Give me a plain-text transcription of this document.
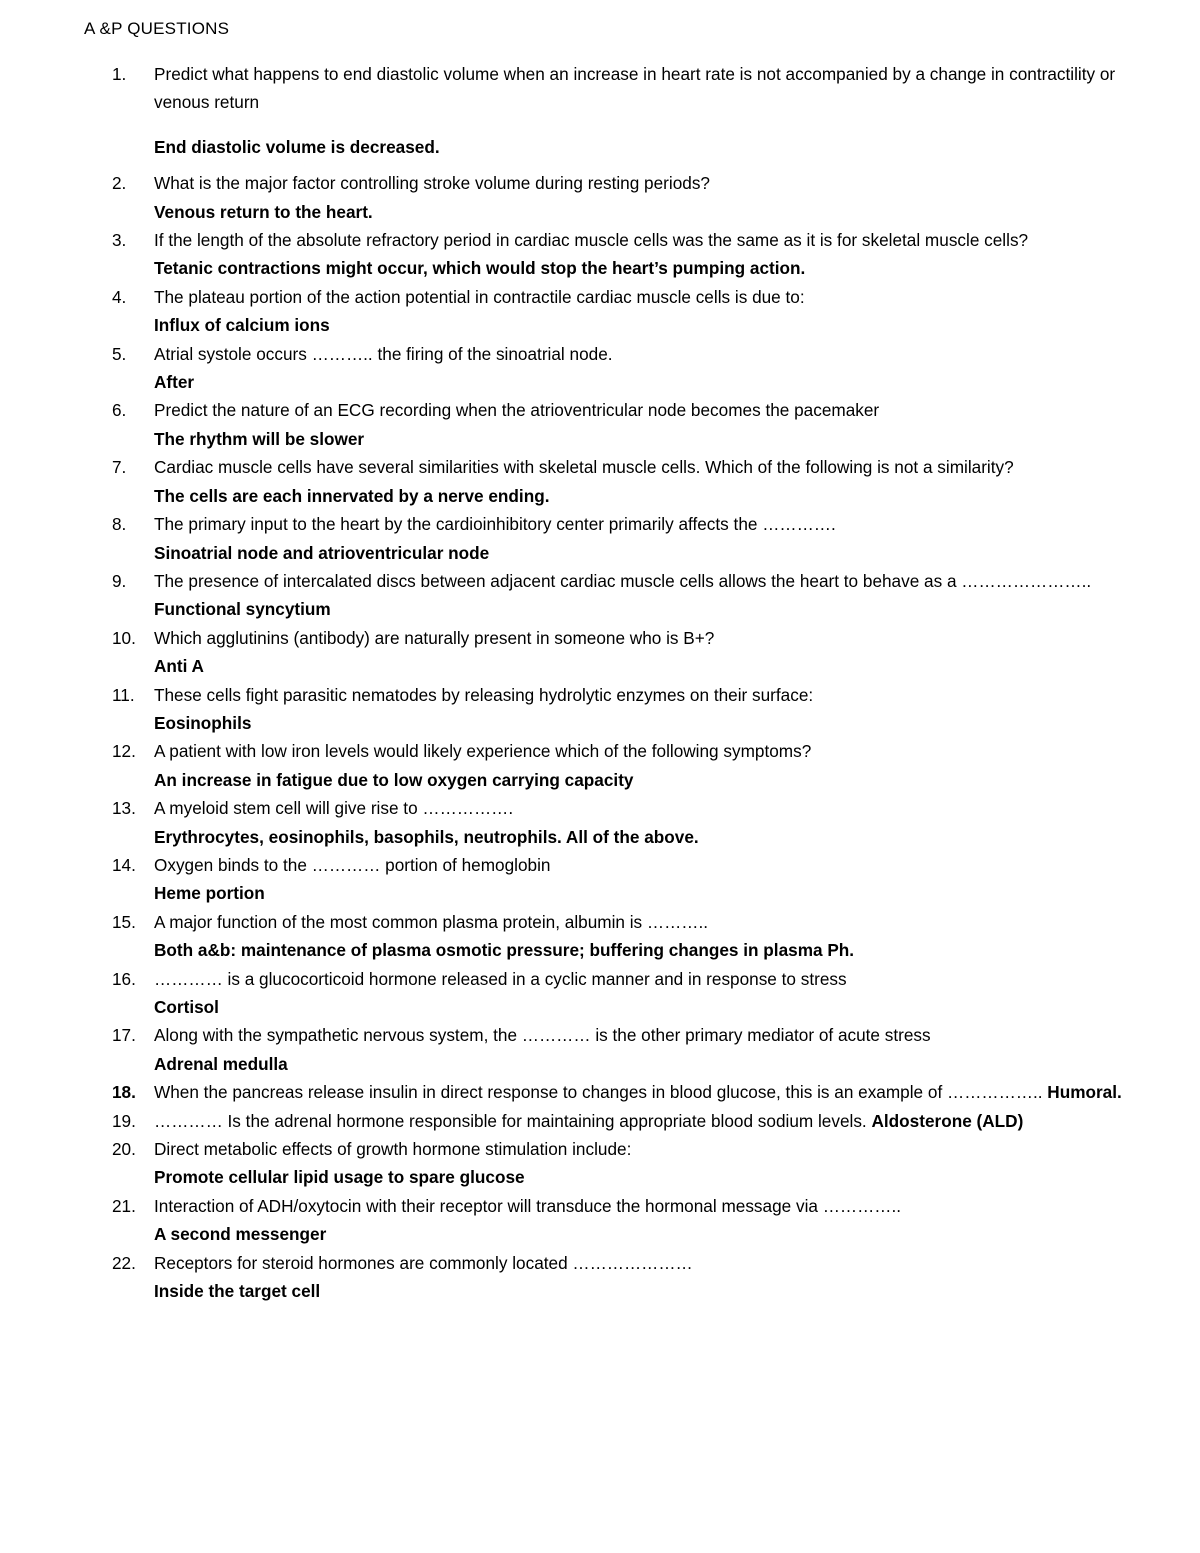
A &P QUESTIONS
1.	Predict what happens to end diastolic volume when an increase in heart rate is not accompanied by a change in contractility or venous return
End diastolic volume is decreased.
2.	What is the major factor controlling stroke volume during resting periods?
Venous return to the heart.
3.	If the length of the absolute refractory period in cardiac muscle cells was the same as it is for skeletal muscle cells?
Tetanic contractions might occur, which would stop the heart’s pumping action.
4.	The plateau portion of the action potential in contractile cardiac muscle cells is due to:
Influx of calcium ions
5.	Atrial systole occurs ……….. the firing of the sinoatrial node.
After
6.	Predict the nature of an ECG recording when the atrioventricular node becomes the pacemaker
The rhythm will be slower
7.	Cardiac muscle cells have several similarities with skeletal muscle cells. Which of the following is not a similarity?
The cells are each innervated by a nerve ending.
8.	The primary input to the heart by the cardioinhibitory center primarily affects the ………….
Sinoatrial node and atrioventricular node
9.	The presence of intercalated discs between adjacent cardiac muscle cells allows the heart to behave as a …………………..
Functional syncytium
10.	Which agglutinins (antibody) are naturally present in someone who is B+?
Anti A
11.	These cells fight parasitic nematodes by releasing hydrolytic enzymes on their surface:
Eosinophils
12.	A patient with low iron levels would likely experience which of the following symptoms?
An increase in fatigue due to low oxygen carrying capacity
13.	A myeloid stem cell will give rise to …………….
Erythrocytes, eosinophils, basophils, neutrophils. All of the above.
14.	Oxygen binds to the ………… portion of hemoglobin
Heme portion
15.	A major function of the most common plasma protein, albumin is ………..
Both a&b: maintenance of plasma osmotic pressure; buffering changes in plasma Ph.
16.	………… is a glucocorticoid hormone released in a cyclic manner and in response to stress
Cortisol
17.	Along with the sympathetic nervous system, the ………… is the other primary mediator of acute stress
Adrenal medulla
18.	When the pancreas release insulin in direct response to changes in blood glucose, this is an example of …………….. Humoral.
19.	………… Is the adrenal hormone responsible for maintaining appropriate blood sodium levels. Aldosterone (ALD)
20.	Direct metabolic effects of growth hormone stimulation include:
Promote cellular lipid usage to spare glucose
21.	Interaction of ADH/oxytocin with their receptor will transduce the hormonal message via …………..
A second messenger
22.	Receptors for steroid hormones are commonly located …………………
Inside the target cell
